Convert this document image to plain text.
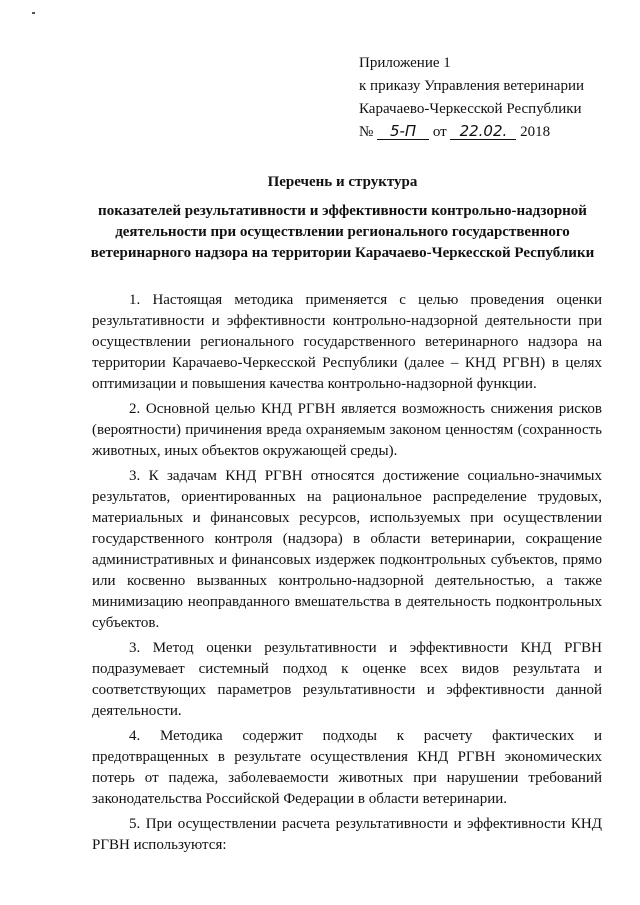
Приложение 1
к приказу Управления ветеринарии
Карачаево-Черкесской Республики
№ 5-П от 22.02. 2018
Перечень и структура
показателей результативности и эффективности контрольно-надзорной деятельности при осуществлении регионального государственного ветеринарного надзора на территории Карачаево-Черкесской Республики

1. Настоящая методика применяется с целью проведения оценки результативности и эффективности контрольно-надзорной деятельности при осуществлении регионального государственного ветеринарного надзора на территории Карачаево-Черкесской Республики (далее – КНД РГВН) в целях оптимизации и повышения качества контрольно-надзорной функции.

2. Основной целью КНД РГВН является возможность снижения рисков (вероятности) причинения вреда охраняемым законом ценностям (сохранность животных, иных объектов окружающей среды).

3. К задачам КНД РГВН относятся достижение социально-значимых результатов, ориентированных на рациональное распределение трудовых, материальных и финансовых ресурсов, используемых при осуществлении государственного контроля (надзора) в области ветеринарии, сокращение административных и финансовых издержек подконтрольных субъектов, прямо или косвенно вызванных контрольно-надзорной деятельностью, а также минимизацию неоправданного вмешательства в деятельность подконтрольных субъектов.

3. Метод оценки результативности и эффективности КНД РГВН подразумевает системный подход к оценке всех видов результата и соответствующих параметров результативности и эффективности данной деятельности.

4. Методика содержит подходы к расчету фактических и предотвращенных в результате осуществления КНД РГВН экономических потерь от падежа, заболеваемости животных при нарушении требований законодательства Российской Федерации в области ветеринарии.

5. При осуществлении расчета результативности и эффективности КНД РГВН используются:
